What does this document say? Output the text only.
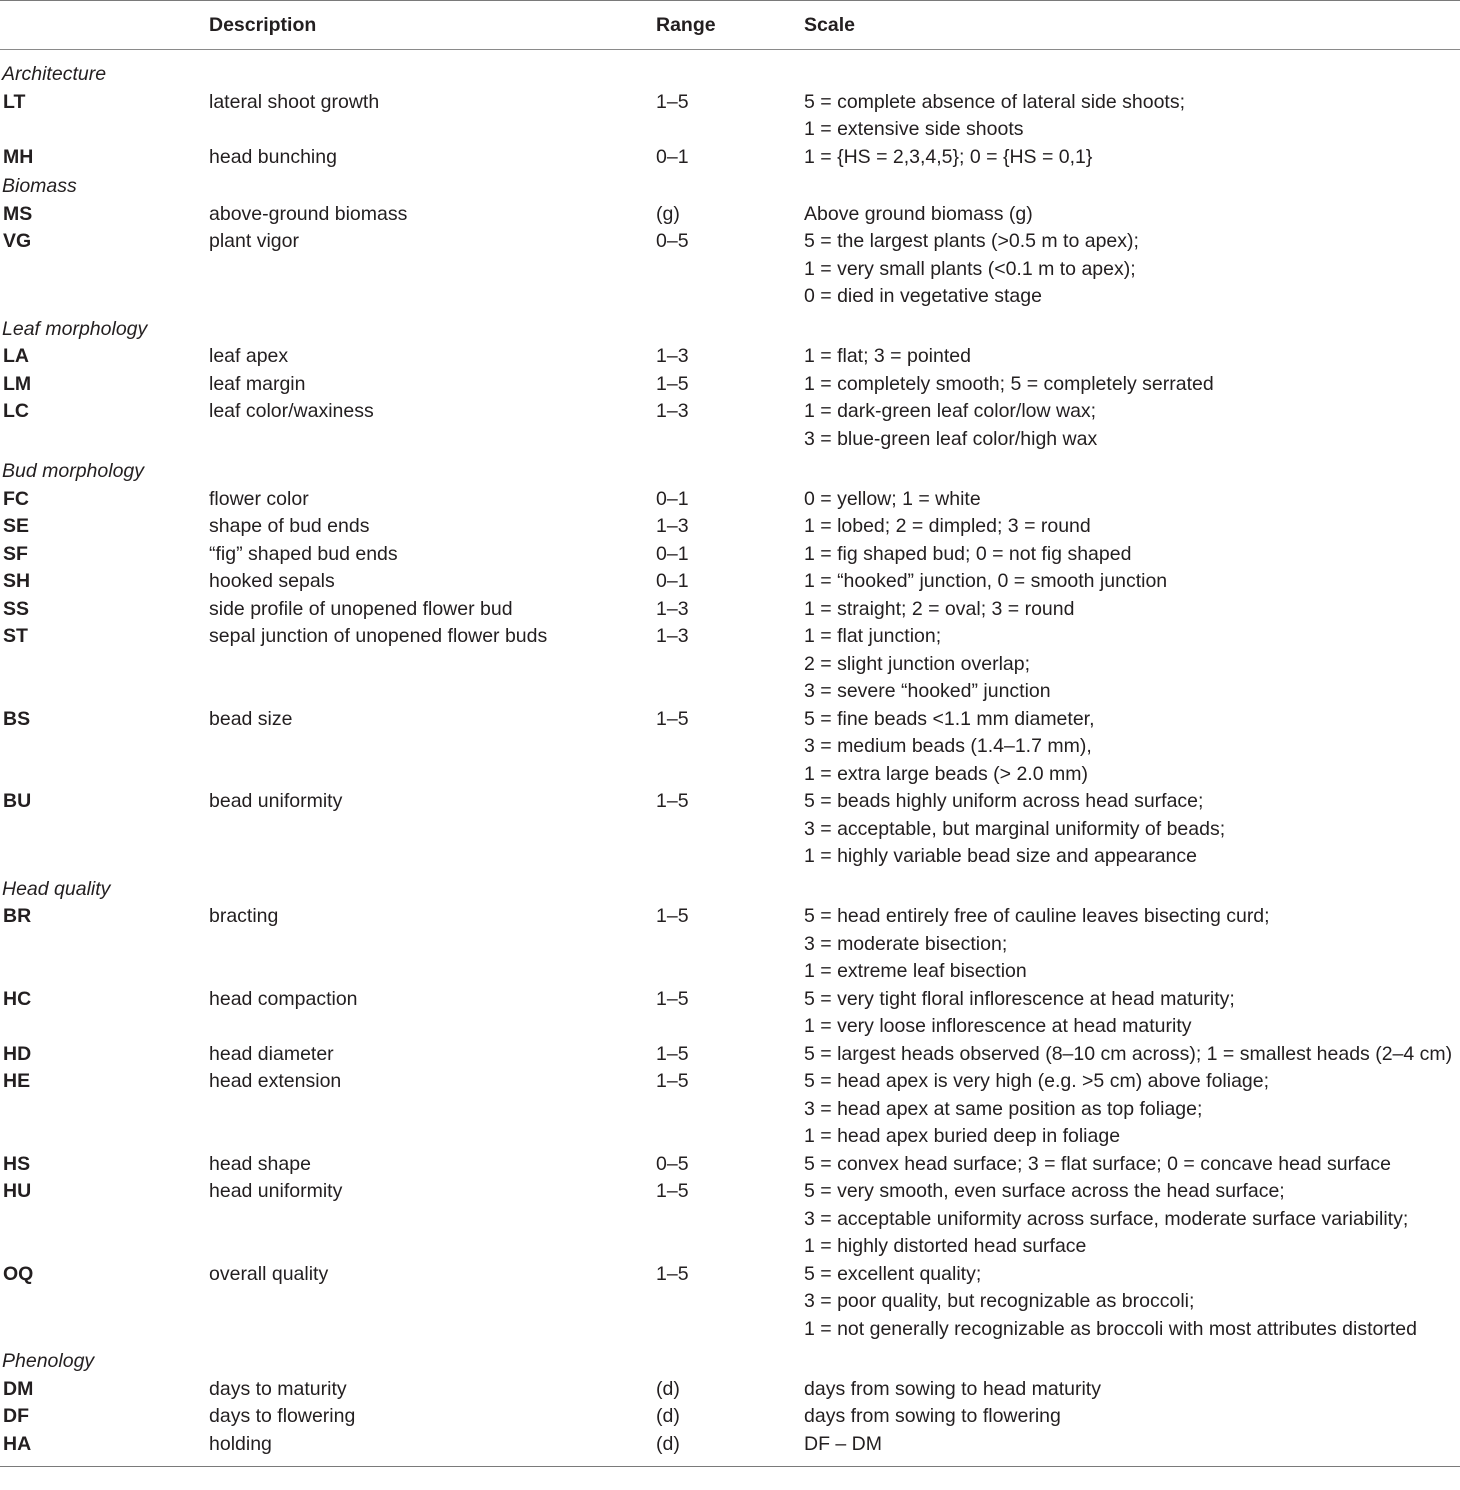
Description	Range	Scale
Architecture
LT	lateral shoot growth	1–5	5 = complete absence of lateral side shoots;
1 = extensive side shoots
MH	head bunching	0–1	1 = {HS = 2,3,4,5}; 0 = {HS = 0,1}
Biomass
MS	above-ground biomass	(g)	Above ground biomass (g)
VG	plant vigor	0–5	5 = the largest plants (>0.5 m to apex);
1 = very small plants (<0.1 m to apex);
0 = died in vegetative stage
Leaf morphology
LA	leaf apex	1–3	1 = flat; 3 = pointed
LM	leaf margin	1–5	1 = completely smooth; 5 = completely serrated
LC	leaf color/waxiness	1–3	1 = dark-green leaf color/low wax;
3 = blue-green leaf color/high wax
Bud morphology
FC	flower color	0–1	0 = yellow; 1 = white
SE	shape of bud ends	1–3	1 = lobed; 2 = dimpled; 3 = round
SF	“fig” shaped bud ends	0–1	1 = fig shaped bud; 0 = not fig shaped
SH	hooked sepals	0–1	1 = “hooked” junction, 0 = smooth junction
SS	side profile of unopened flower bud	1–3	1 = straight; 2 = oval; 3 = round
ST	sepal junction of unopened flower buds	1–3	1 = flat junction;
2 = slight junction overlap;
3 = severe “hooked” junction
BS	bead size	1–5	5 = fine beads <1.1 mm diameter,
3 = medium beads (1.4–1.7 mm),
1 = extra large beads (> 2.0 mm)
BU	bead uniformity	1–5	5 = beads highly uniform across head surface;
3 = acceptable, but marginal uniformity of beads;
1 = highly variable bead size and appearance
Head quality
BR	bracting	1–5	5 = head entirely free of cauline leaves bisecting curd;
3 = moderate bisection;
1 = extreme leaf bisection
HC	head compaction	1–5	5 = very tight floral inflorescence at head maturity;
1 = very loose inflorescence at head maturity
HD	head diameter	1–5	5 = largest heads observed (8–10 cm across); 1 = smallest heads (2–4 cm)
HE	head extension	1–5	5 = head apex is very high (e.g. >5 cm) above foliage;
3 = head apex at same position as top foliage;
1 = head apex buried deep in foliage
HS	head shape	0–5	5 = convex head surface; 3 = flat surface; 0 = concave head surface
HU	head uniformity	1–5	5 = very smooth, even surface across the head surface;
3 = acceptable uniformity across surface, moderate surface variability;
1 = highly distorted head surface
OQ	overall quality	1–5	5 = excellent quality;
3 = poor quality, but recognizable as broccoli;
1 = not generally recognizable as broccoli with most attributes distorted
Phenology
DM	days to maturity	(d)	days from sowing to head maturity
DF	days to flowering	(d)	days from sowing to flowering
HA	holding	(d)	DF – DM
